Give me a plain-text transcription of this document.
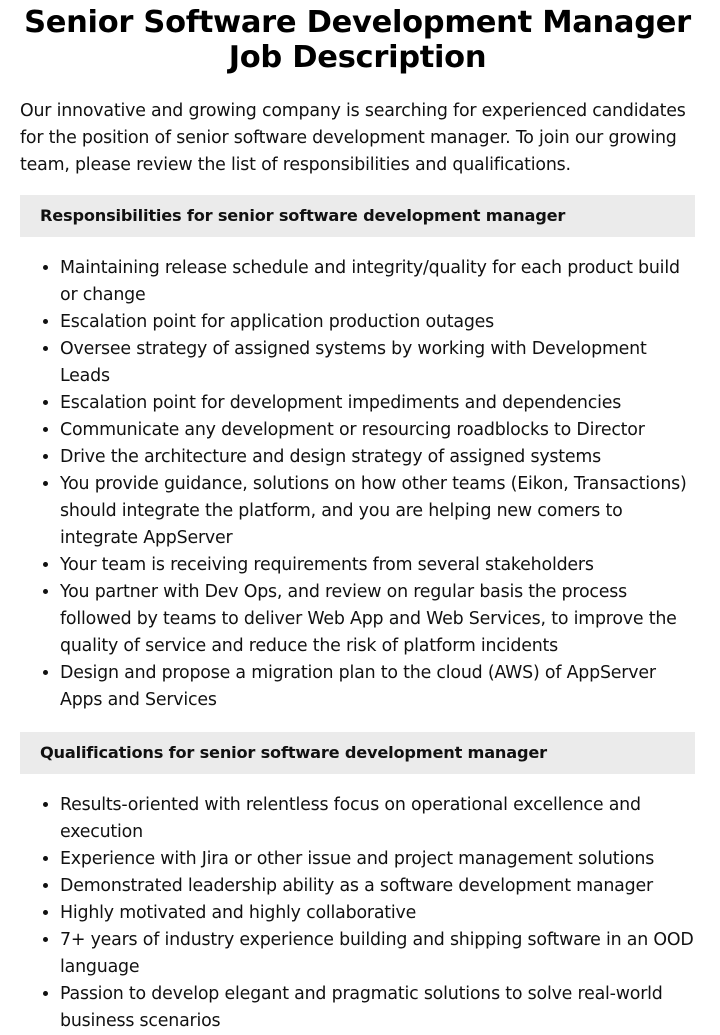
Senior Software Development Manager Job Description

Our innovative and growing company is searching for experienced candidates for the position of senior software development manager. To join our growing team, please review the list of responsibilities and qualifications.

Responsibilities for senior software development manager
• Maintaining release schedule and integrity/quality for each product build or change
• Escalation point for application production outages
• Oversee strategy of assigned systems by working with Development Leads
• Escalation point for development impediments and dependencies
• Communicate any development or resourcing roadblocks to Director
• Drive the architecture and design strategy of assigned systems
• You provide guidance, solutions on how other teams (Eikon, Transactions) should integrate the platform, and you are helping new comers to integrate AppServer
• Your team is receiving requirements from several stakeholders
• You partner with Dev Ops, and review on regular basis the process followed by teams to deliver Web App and Web Services, to improve the quality of service and reduce the risk of platform incidents
• Design and propose a migration plan to the cloud (AWS) of AppServer Apps and Services
Qualifications for senior software development manager
• Results-oriented with relentless focus on operational excellence and execution
• Experience with Jira or other issue and project management solutions
• Demonstrated leadership ability as a software development manager
• Highly motivated and highly collaborative
• 7+ years of industry experience building and shipping software in an OOD language
• Passion to develop elegant and pragmatic solutions to solve real-world business scenarios
